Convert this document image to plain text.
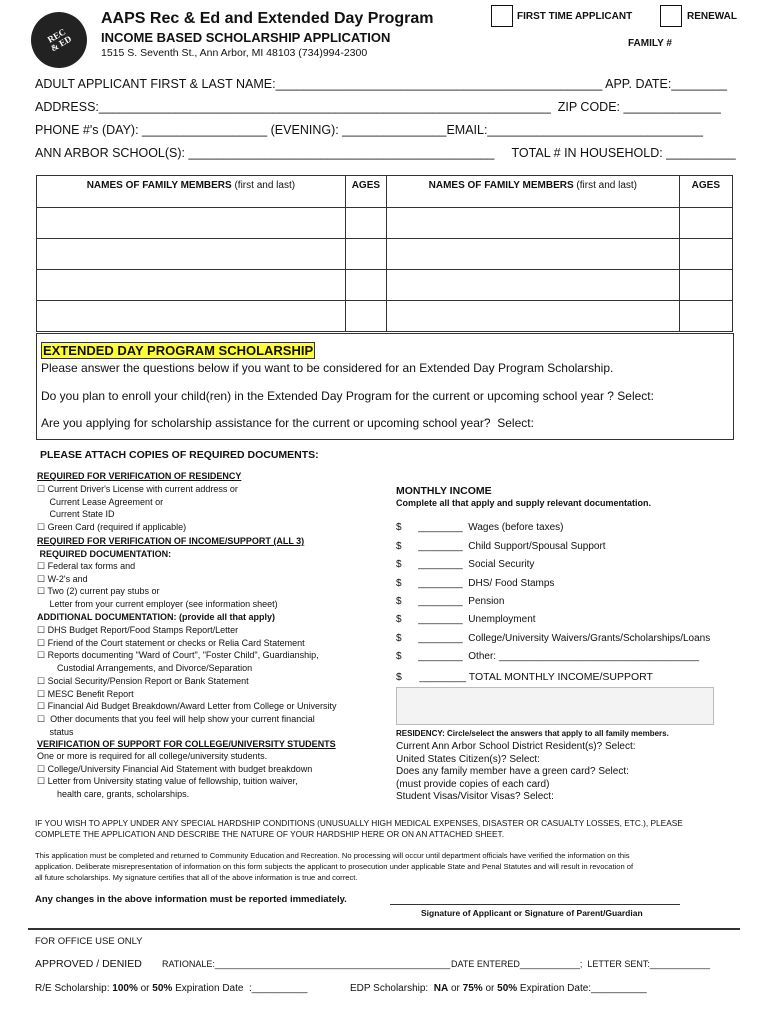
REC
& ED
AAPS Rec & Ed and Extended Day Program
INCOME BASED SCHOLARSHIP APPLICATION
1515 S. Seventh St., Ann Arbor, MI 48103 (734)994-2300
FIRST TIME APPLICANT	RENEWAL
FAMILY #
ADULT APPLICANT FIRST & LAST NAME:_______________________________________________ APP. DATE:________
ADDRESS:_________________________________________________________________  ZIP CODE: ______________
PHONE #'s (DAY): __________________ (EVENING): _______________EMAIL:_______________________________
ANN ARBOR SCHOOL(S): ____________________________________________     TOTAL # IN HOUSEHOLD: __________
NAMES OF FAMILY MEMBERS (first and last)	AGES	NAMES OF FAMILY MEMBERS (first and last)	AGES

EXTENDED DAY PROGRAM SCHOLARSHIP
Please answer the questions below if you want to be considered for an Extended Day Program Scholarship.
Do you plan to enroll your child(ren) in the Extended Day Program for the current or upcoming school year ? Select:
Are you applying for scholarship assistance for the current or upcoming school year?  Select:
PLEASE ATTACH COPIES OF REQUIRED DOCUMENTS:
REQUIRED FOR VERIFICATION OF RESIDENCY
☐ Current Driver's License with current address or
Current Lease Agreement or
Current State ID
☐ Green Card (required if applicable)
REQUIRED FOR VERIFICATION OF INCOME/SUPPORT (ALL 3)
REQUIRED DOCUMENTATION:
☐ Federal tax forms and
☐ W-2's and
☐ Two (2) current pay stubs or
Letter from your current employer (see information sheet)
ADDITIONAL DOCUMENTATION: (provide all that apply)
☐ DHS Budget Report/Food Stamps Report/Letter
☐ Friend of the Court statement or checks or Relia Card Statement
☐ Reports documenting "Ward of Court", "Foster Child", Guardianship,
Custodial Arrangements, and Divorce/Separation
☐ Social Security/Pension Report or Bank Statement
☐ MESC Benefit Report
☐ Financial Aid Budget Breakdown/Award Letter from College or University
☐  Other documents that you feel will help show your current financial
status
VERIFICATION OF SUPPORT FOR COLLEGE/UNIVERSITY STUDENTS
One or more is required for all college/university students.
☐ College/University Financial Aid Statement with budget breakdown
☐ Letter from University stating value of fellowship, tuition waiver,
health care, grants, scholarships.
MONTHLY INCOME
Complete all that apply and supply relevant documentation.
$      ________  Wages (before taxes)
$      ________  Child Support/Spousal Support
$      ________  Social Security
$      ________  DHS/ Food Stamps
$      ________  Pension
$      ________  Unemployment
$      ________  College/University Waivers/Grants/Scholarships/Loans
$      ________  Other: ____________________________________
$      ________ TOTAL MONTHLY INCOME/SUPPORT
RESIDENCY: Circle/select the answers that apply to all family members.
Current Ann Arbor School District Resident(s)? Select:
United States Citizen(s)? Select:
Does any family member have a green card? Select:
(must provide copies of each card)
Student Visas/Visitor Visas? Select:
IF YOU WISH TO APPLY UNDER ANY SPECIAL HARDSHIP CONDITIONS (UNUSUALLY HIGH MEDICAL EXPENSES, DISASTER OR CASUALTY LOSSES, ETC.), PLEASE
COMPLETE THE APPLICATION AND DESCRIBE THE NATURE OF YOUR HARDSHIP HERE OR ON AN ATTACHED SHEET.
This application must be completed and returned to Community Education and Recreation. No processing will occur until department officials have verified the information on this
application. Deliberate misrepresentation of information on this form subjects the applicant to prosecution under applicable State and Penal Statutes and will result in revocation of
all future scholarships. My signature certifies that all of the above information is true and correct.
Any changes in the above information must be reported immediately.
Signature of Applicant or Signature of Parent/Guardian
FOR OFFICE USE ONLY
APPROVED / DENIED RATIONALE:_______________________________________________ DATE ENTERED____________;  LETTER SENT:____________
R/E Scholarship: 100% or 50% Expiration Date  :__________	EDP Scholarship: NA or 75% or 50% Expiration Date:__________
